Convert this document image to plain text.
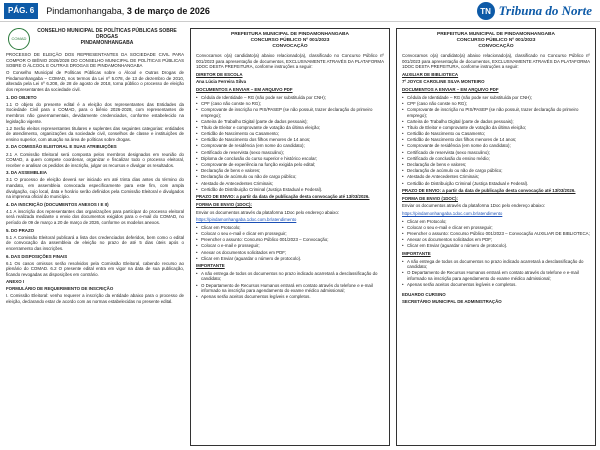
PÁG. 6	Pindamonhangaba, 3 de março de 2026	TN Tribuna do Norte
COMAD
CONSELHO MUNICIPAL DE POLÍTICAS PÚBLICAS SOBRE DROGAS
PINDAMONHANGABA

PROCESSO DE ELEIÇÃO DOS REPRESENTANTES DA SOCIEDADE CIVIL PARA COMPOR O BIÊNIO 2026/2028 DO CONSELHO MUNICIPAL DE POLÍTICAS PÚBLICAS SOBRE O ÁLCOOL E OUTRAS DROGAS DE PINDAMONHANGABA

O Conselho Municipal de Políticas Públicas sobre o Álcool e Outras Drogas de Pindamonhangaba – COMAD, nos termos da Lei nº 5.078, de 13 de dezembro de 2010, alterada pela Lei nº 6.208, de 28 de agosto de 2018, torna público o processo de eleição dos representantes da sociedade civil.

1. DO OBJETO

1.1 O objeto do presente edital é a eleição dos representantes das Entidades da Sociedade Civil para o COMAD, para o biênio 2026-2028, com representantes de membros não governamentais, devidamente credenciados, conforme estabelecido na legislação vigente.

1.2 Serão eleitos representantes titulares e suplentes das seguintes categorias: entidades de atendimento, organizações da sociedade civil, conselhos de classe e instituições de ensino superior, com atuação na área de políticas sobre drogas.

2. DA COMISSÃO ELEITORAL E SUAS ATRIBUIÇÕES

2.1 A Comissão Eleitoral será composta pelos membros designados em reunião do COMAD, a quem compete coordenar, organizar e fiscalizar todo o processo eleitoral, receber e analisar os pedidos de inscrição, julgar os recursos e divulgar os resultados.

3. DA ASSEMBLEIA

3.1 O processo de eleição deverá ser iniciado em até trinta dias antes do término do mandato, em assembleia convocada especificamente para este fim, com ampla divulgação, cujo local, data e horário serão definidos pela Comissão Eleitoral e divulgados na imprensa oficial do município.

4. DA INSCRIÇÃO (DOCUMENTOS ANEXOS I E II)

4.1 A inscrição dos representantes das organizações para participar do processo eleitoral será realizada mediante o envio dos documentos exigidos para o e-mail do COMAD, no período de 09 de março a 20 de março de 2026, conforme os modelos anexos.

5. DO PRAZO

5.1 A Comissão Eleitoral publicará a lista dos credenciados deferidos, bem como o edital de convocação da assembleia de eleição no prazo de até 5 dias úteis após o encerramento das inscrições.

6. DAS DISPOSIÇÕES FINAIS

6.1 Os casos omissos serão resolvidos pela Comissão Eleitoral, cabendo recurso ao plenário do COMAD. 6.2 O presente edital entra em vigor na data de sua publicação, ficando revogadas as disposições em contrário.

ANEXO I

FORMULÁRIO DE REQUERIMENTO DE INSCRIÇÃO

I. Comissão Eleitoral: venho requerer a inscrição da entidade abaixo para o processo de eleição, declarando estar de acordo com as normas estabelecidas no presente edital.

PREFEITURA MUNICIPAL DE PINDAMONHANGABA
CONCURSO PÚBLICO Nº 001/2023
CONVOCAÇÃO

Convocamos o(a) candidato(a) abaixo relacionado(a), classificado no Concurso Público nº 001/2023 para apresentação de documentos, EXCLUSIVAMENTE ATRAVÉS DA PLATAFORMA 1DOC DESTA PREFEITURA, conforme instruções a seguir:

DIRETOR DE ESCOLA

Ana Lúcia Ferreira Silva

DOCUMENTOS A ENVIAR – EM ARQUIVO PDF

• Cédula de Identidade – RG (não pode ser substituída por CNH);
• CPF (caso não conste no RG);
• Comprovante de inscrição no PIS/PASEP (se não possuir, trazer declaração do primeiro emprego);
• Carteira de Trabalho Digital (parte de dados pessoais);
• Título de Eleitor e comprovante de votação da última eleição;
• Certidão de Nascimento ou Casamento;
• Certidão de Nascimento dos filhos menores de 14 anos;
• Comprovante de residência (em nome do candidato);
• Certificado de reservista (sexo masculino);
• Diploma de conclusão do curso superior e histórico escolar;
• Comprovante de experiência na função exigida pelo edital;
• Declaração de bens e valores;
• Declaração de acúmulo ou não de cargo público;
• Atestado de Antecedentes Criminais;
• Certidão de Distribuição Criminal (Justiça Estadual e Federal).

PRAZO DE ENVIO: a partir da data de publicação desta convocação até 13/03/2026.

FORMA DE ENVIO (1DOC):

Enviar os documentos através da plataforma 1Doc pelo endereço abaixo:

https://pindamonhangaba.1doc.com.br/atendimento

• Clicar em Protocolo;
• Colocar o seu e-mail e clicar em prosseguir;
• Preencher o assunto: Concurso Público 001/2023 – Convocação;
• Colocar o e-mail e prosseguir;
• Anexar os documentos solicitados em PDF;
• Clicar em Enviar (aguardar o número de protocolo).

IMPORTANTE

• A não entrega de todos os documentos no prazo indicado acarretará a desclassificação do candidato;
• O Departamento de Recursos Humanos entrará em contato através do telefone e e-mail informado na inscrição para agendamento do exame médico admissional;
• Apenas serão aceitos documentos legíveis e completos.
PREFEITURA MUNICIPAL DE PINDAMONHANGABA
CONCURSO PÚBLICO Nº 001/2023
CONVOCAÇÃO

Convocamos o(a) candidato(a) abaixo relacionado(a), classificado no Concurso Público nº 001/2023 para apresentação de documentos, EXCLUSIVAMENTE ATRAVÉS DA PLATAFORMA 1DOC DESTA PREFEITURA, conforme instruções a seguir:

AUXILIAR DE BIBLIOTECA

7º JOYCE CAROLINE SILVA MONTEIRO

DOCUMENTOS A ENVIAR – EM ARQUIVO PDF

• Cédula de Identidade – RG (não pode ser substituída por CNH);
• CPF (caso não conste no RG);
• Comprovante de inscrição no PIS/PASEP (se não possuir, trazer declaração do primeiro emprego);
• Carteira de Trabalho Digital (parte de dados pessoais);
• Título de Eleitor e comprovante de votação da última eleição;
• Certidão de Nascimento ou Casamento;
• Certidão de Nascimento dos filhos menores de 14 anos;
• Comprovante de residência (em nome do candidato);
• Certificado de reservista (sexo masculino);
• Certificado de conclusão do ensino médio;
• Declaração de bens e valores;
• Declaração de acúmulo ou não de cargo público;
• Atestado de Antecedentes Criminais;
• Certidão de Distribuição Criminal (Justiça Estadual e Federal).

PRAZO DE ENVIO: a partir da data de publicação desta convocação até 13/03/2026.

FORMA DE ENVIO (1DOC):

Enviar os documentos através da plataforma 1Doc pelo endereço abaixo:

https://pindamonhangaba.1doc.com.br/atendimento

• Clicar em Protocolo;
• Colocar o seu e-mail e clicar em prosseguir;
• Preencher o assunto: Concurso Público 001/2023 – Convocação AUXILIAR DE BIBLIOTECA;
• Anexar os documentos solicitados em PDF;
• Clicar em Enviar (aguardar o número de protocolo).

IMPORTANTE

• A não entrega de todos os documentos no prazo indicado acarretará a desclassificação do candidato;
• O Departamento de Recursos Humanos entrará em contato através do telefone e e-mail informado na inscrição para agendamento do exame médico admissional;
• Apenas serão aceitos documentos legíveis e completos.

EDUARDO CURSINO

SECRETÁRIO MUNICIPAL DE ADMINISTRAÇÃO
